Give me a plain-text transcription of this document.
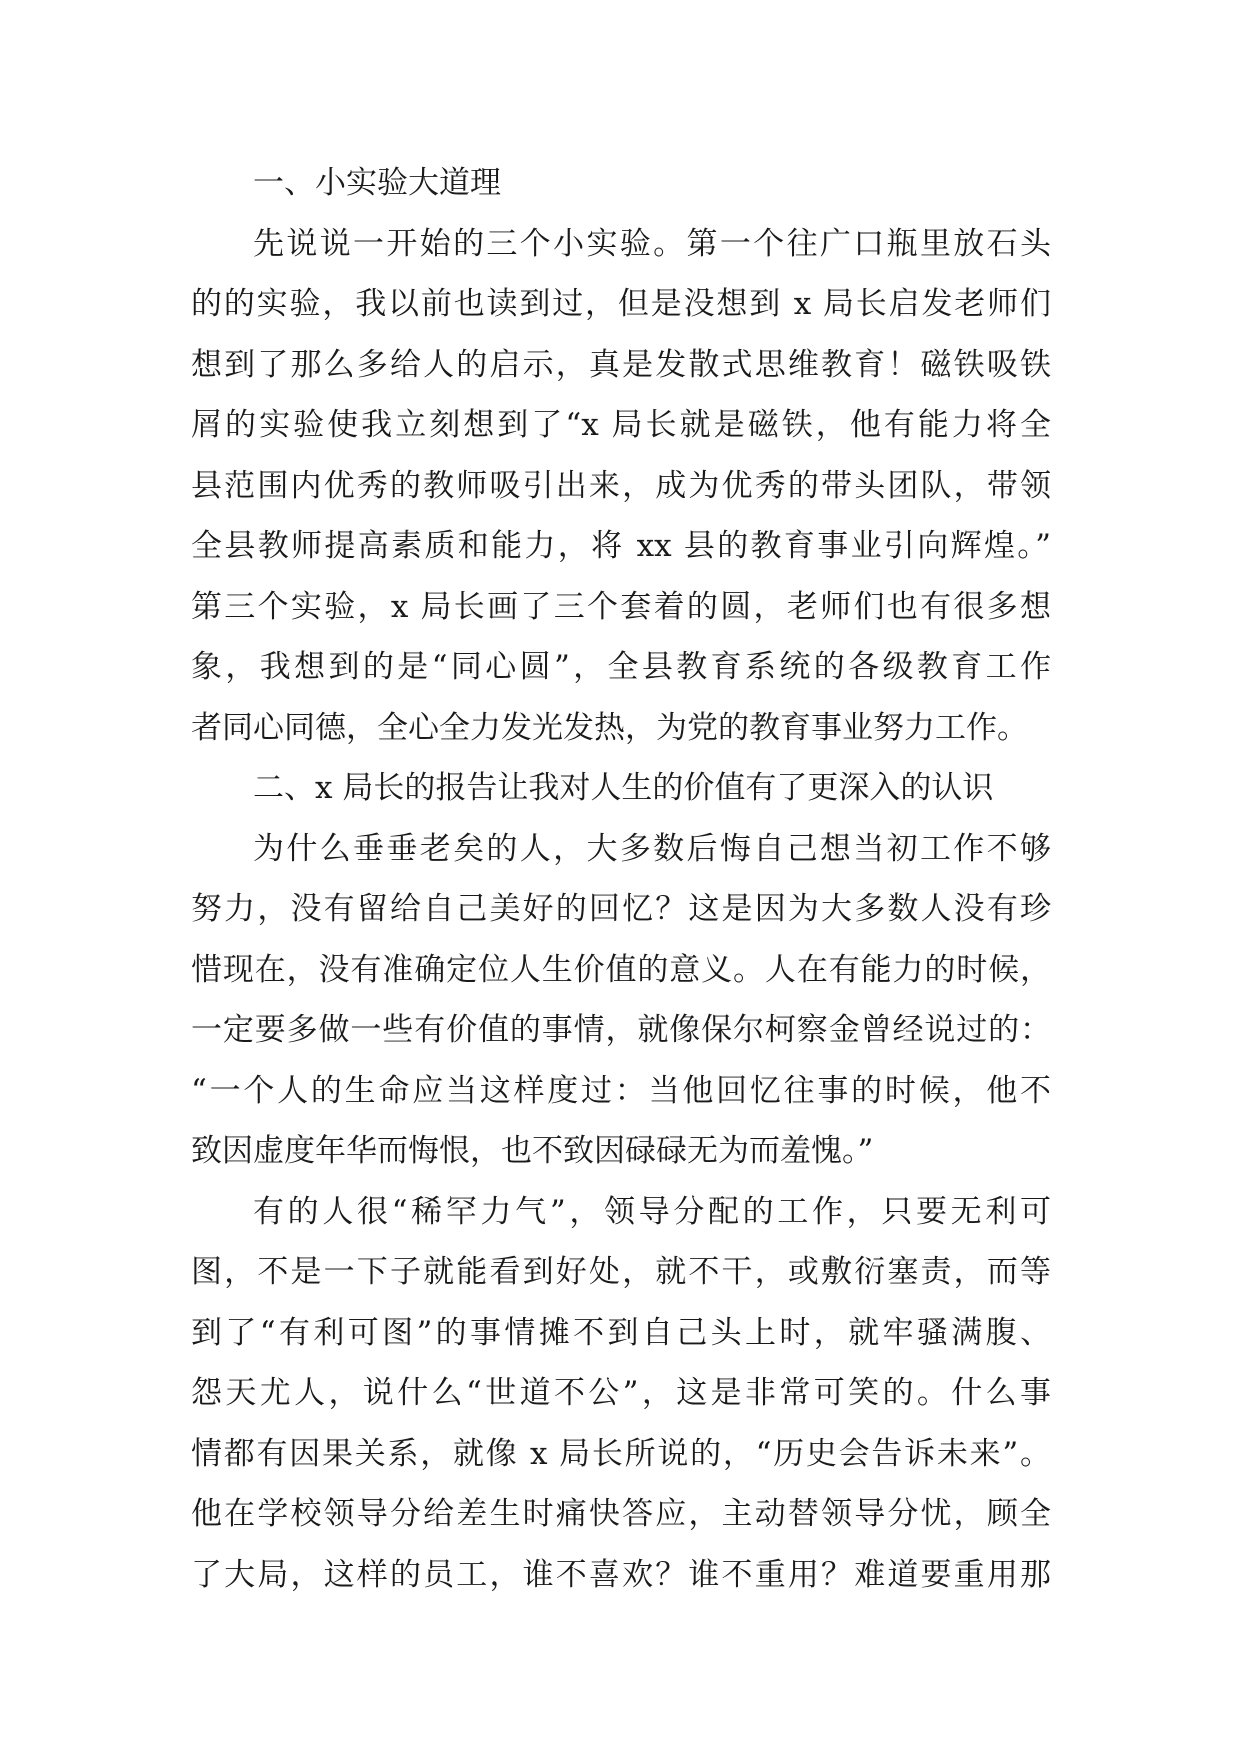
一、小实验大道理
先说说一开始的三个小实验。第一个往广口瓶里放石头
的的实验，我以前也读到过，但是没想到 x 局长启发老师们
想到了那么多给人的启示，真是发散式思维教育！磁铁吸铁
屑的实验使我立刻想到了“x 局长就是磁铁，他有能力将全
县范围内优秀的教师吸引出来，成为优秀的带头团队，带领
全县教师提高素质和能力，将 xx 县的教育事业引向辉煌。”
第三个实验，x 局长画了三个套着的圆，老师们也有很多想
象，我想到的是“同心圆”，全县教育系统的各级教育工作
者同心同德，全心全力发光发热，为党的教育事业努力工作。
二、x 局长的报告让我对人生的价值有了更深入的认识
为什么垂垂老矣的人，大多数后悔自己想当初工作不够
努力，没有留给自己美好的回忆？这是因为大多数人没有珍
惜现在，没有准确定位人生价值的意义。人在有能力的时候，
一定要多做一些有价值的事情，就像保尔柯察金曾经说过的：
“一个人的生命应当这样度过：当他回忆往事的时候，他不
致因虚度年华而悔恨，也不致因碌碌无为而羞愧。”
有的人很“稀罕力气”，领导分配的工作，只要无利可
图，不是一下子就能看到好处，就不干，或敷衍塞责，而等
到了“有利可图”的事情摊不到自己头上时，就牢骚满腹、
怨天尤人，说什么“世道不公”，这是非常可笑的。什么事
情都有因果关系，就像 x 局长所说的，“历史会告诉未来”。
他在学校领导分给差生时痛快答应，主动替领导分忧，顾全
了大局，这样的员工，谁不喜欢？谁不重用？难道要重用那
